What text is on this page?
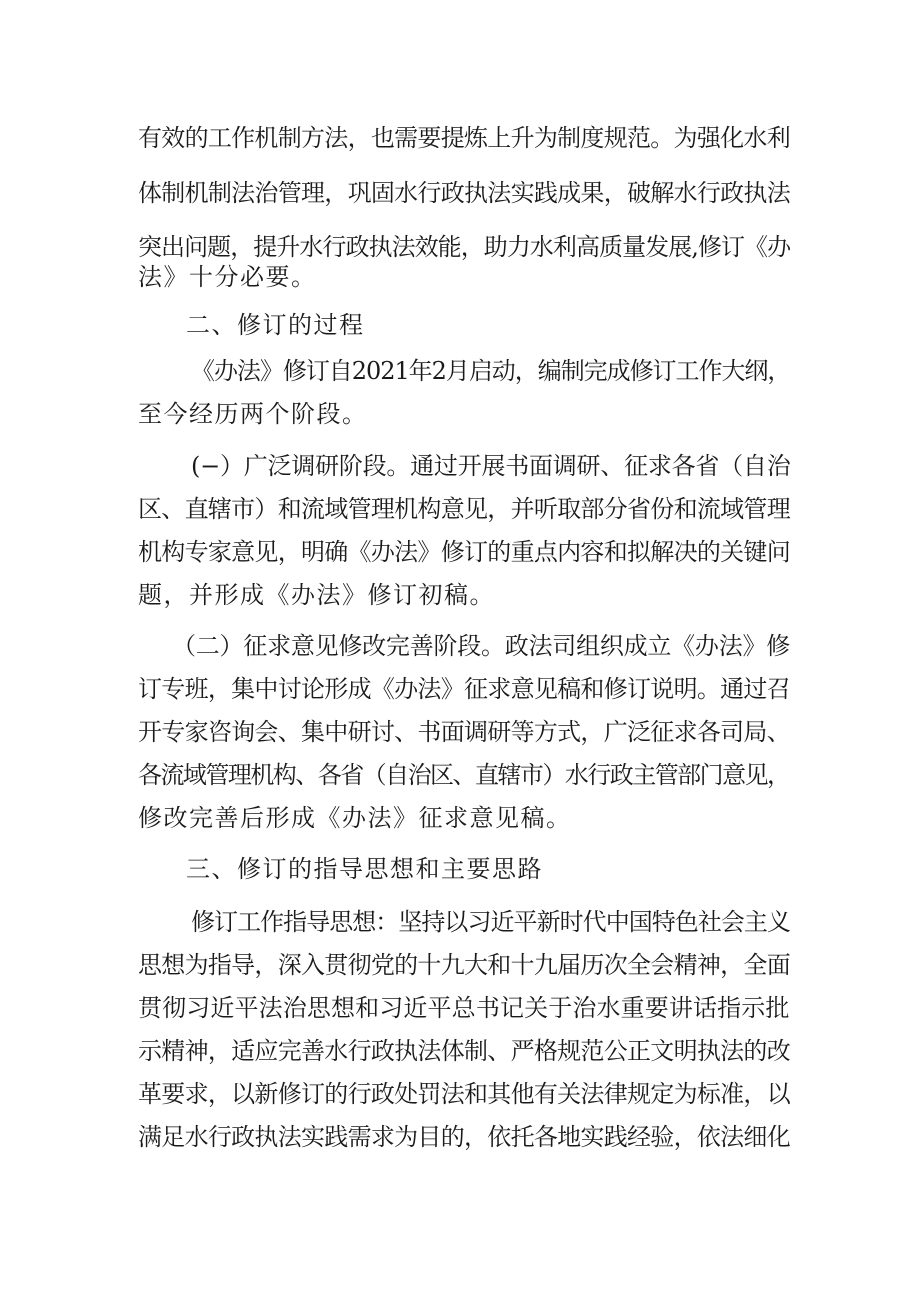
有效的工作机制方法，也需要提炼上升为制度规范。为强化水利
体制机制法治管理，巩固水行政执法实践成果，破解水行政执法
突出问题，提升水行政执法效能，助力水利高质量发展,修订《办
法》十分必要。
二、修订的过程
《办法》修订自2021年2月启动，编制完成修订工作大纲，
至今经历两个阶段。
(−）广泛调研阶段。通过开展书面调研、征求各省（自治
区、直辖市）和流域管理机构意见，并听取部分省份和流域管理
机构专家意见，明确《办法》修订的重点内容和拟解决的关键问
题，并形成《办法》修订初稿。
（二）征求意见修改完善阶段。政法司组织成立《办法》修
订专班，集中讨论形成《办法》征求意见稿和修订说明。通过召
开专家咨询会、集中研讨、书面调研等方式，广泛征求各司局、
各流域管理机构、各省（自治区、直辖市）水行政主管部门意见，
修改完善后形成《办法》征求意见稿。
三、修订的指导思想和主要思路
修订工作指导思想：坚持以习近平新时代中国特色社会主义
思想为指导，深入贯彻党的十九大和十九届历次全会精神，全面
贯彻习近平法治思想和习近平总书记关于治水重要讲话指示批
示精神，适应完善水行政执法体制、严格规范公正文明执法的改
革要求，以新修订的行政处罚法和其他有关法律规定为标准，以
满足水行政执法实践需求为目的，依托各地实践经验，依法细化
